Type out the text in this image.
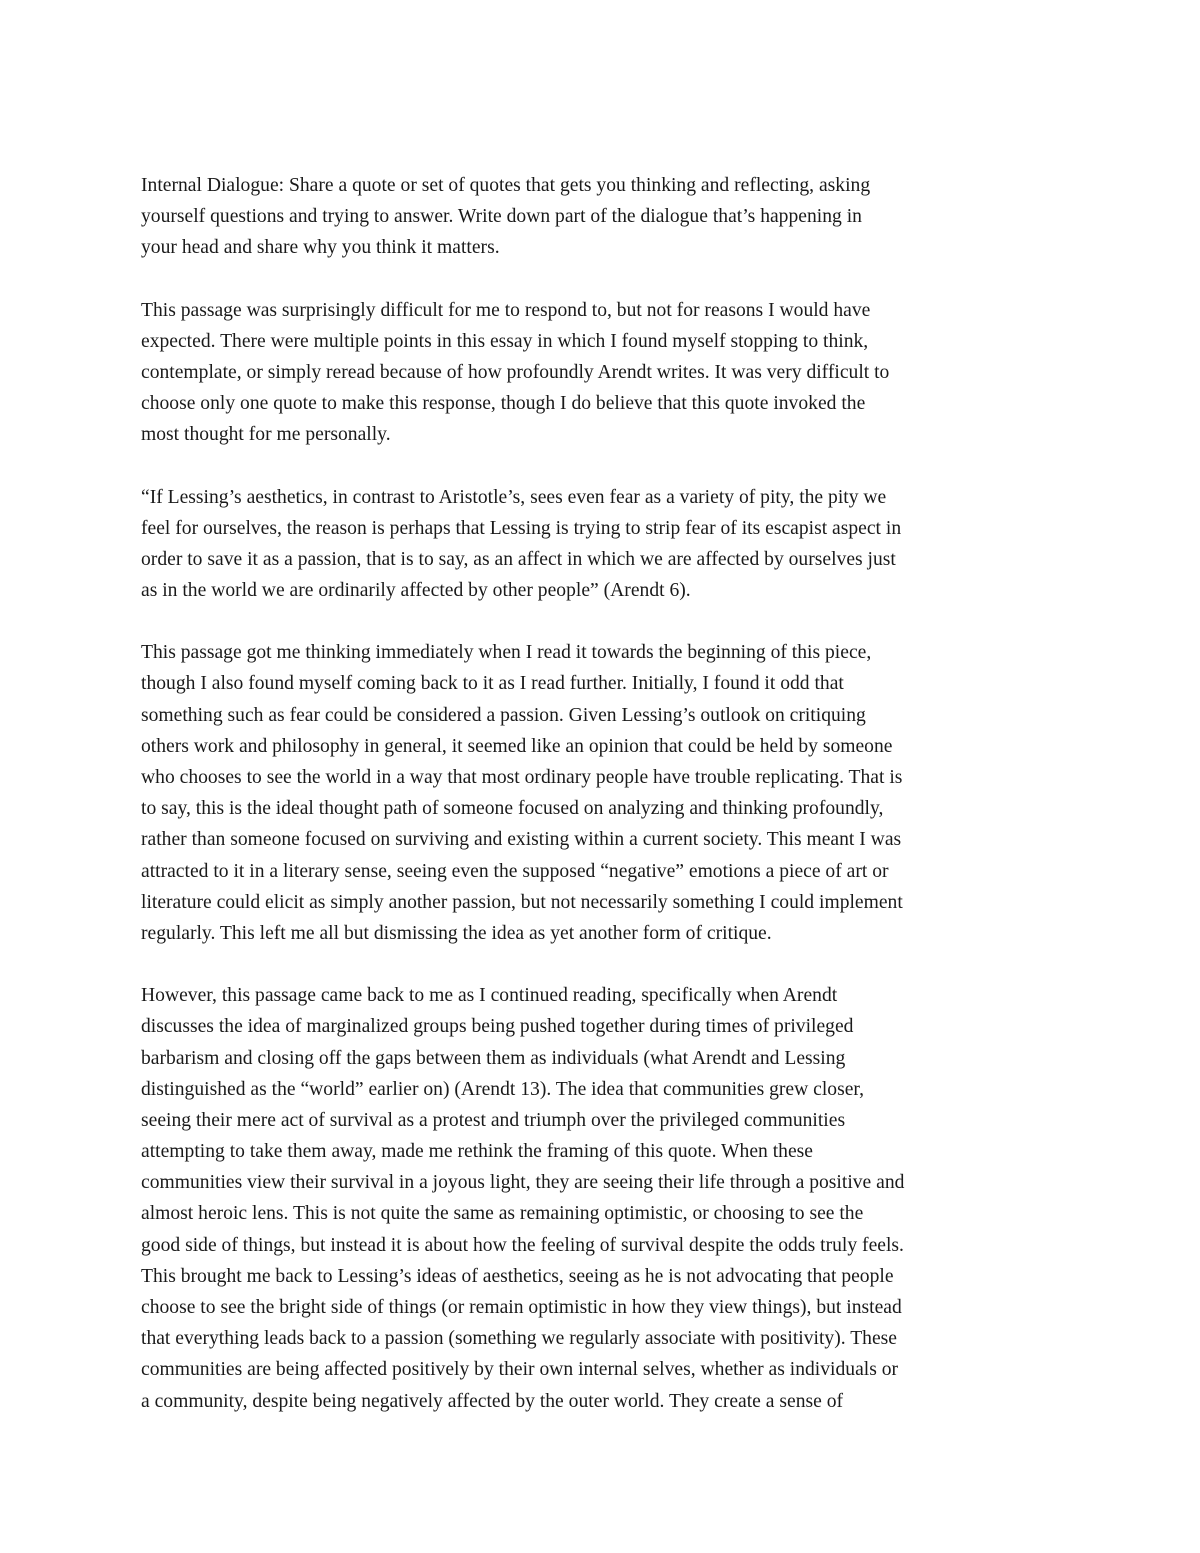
Internal Dialogue: Share a quote or set of quotes that gets you thinking and reflecting, asking
yourself questions and trying to answer. Write down part of the dialogue that’s happening in
your head and share why you think it matters.
This passage was surprisingly difficult for me to respond to, but not for reasons I would have
expected. There were multiple points in this essay in which I found myself stopping to think,
contemplate, or simply reread because of how profoundly Arendt writes. It was very difficult to
choose only one quote to make this response, though I do believe that this quote invoked the
most thought for me personally.
“If Lessing’s aesthetics, in contrast to Aristotle’s, sees even fear as a variety of pity, the pity we
feel for ourselves, the reason is perhaps that Lessing is trying to strip fear of its escapist aspect in
order to save it as a passion, that is to say, as an affect in which we are affected by ourselves just
as in the world we are ordinarily affected by other people” (Arendt 6).
This passage got me thinking immediately when I read it towards the beginning of this piece,
though I also found myself coming back to it as I read further. Initially, I found it odd that
something such as fear could be considered a passion. Given Lessing’s outlook on critiquing
others work and philosophy in general, it seemed like an opinion that could be held by someone
who chooses to see the world in a way that most ordinary people have trouble replicating. That is
to say, this is the ideal thought path of someone focused on analyzing and thinking profoundly,
rather than someone focused on surviving and existing within a current society. This meant I was
attracted to it in a literary sense, seeing even the supposed “negative” emotions a piece of art or
literature could elicit as simply another passion, but not necessarily something I could implement
regularly. This left me all but dismissing the idea as yet another form of critique.
However, this passage came back to me as I continued reading, specifically when Arendt
discusses the idea of marginalized groups being pushed together during times of privileged
barbarism and closing off the gaps between them as individuals (what Arendt and Lessing
distinguished as the “world” earlier on) (Arendt 13). The idea that communities grew closer,
seeing their mere act of survival as a protest and triumph over the privileged communities
attempting to take them away, made me rethink the framing of this quote. When these
communities view their survival in a joyous light, they are seeing their life through a positive and
almost heroic lens. This is not quite the same as remaining optimistic, or choosing to see the
good side of things, but instead it is about how the feeling of survival despite the odds truly feels.
This brought me back to Lessing’s ideas of aesthetics, seeing as he is not advocating that people
choose to see the bright side of things (or remain optimistic in how they view things), but instead
that everything leads back to a passion (something we regularly associate with positivity). These
communities are being affected positively by their own internal selves, whether as individuals or
a community, despite being negatively affected by the outer world. They create a sense of
